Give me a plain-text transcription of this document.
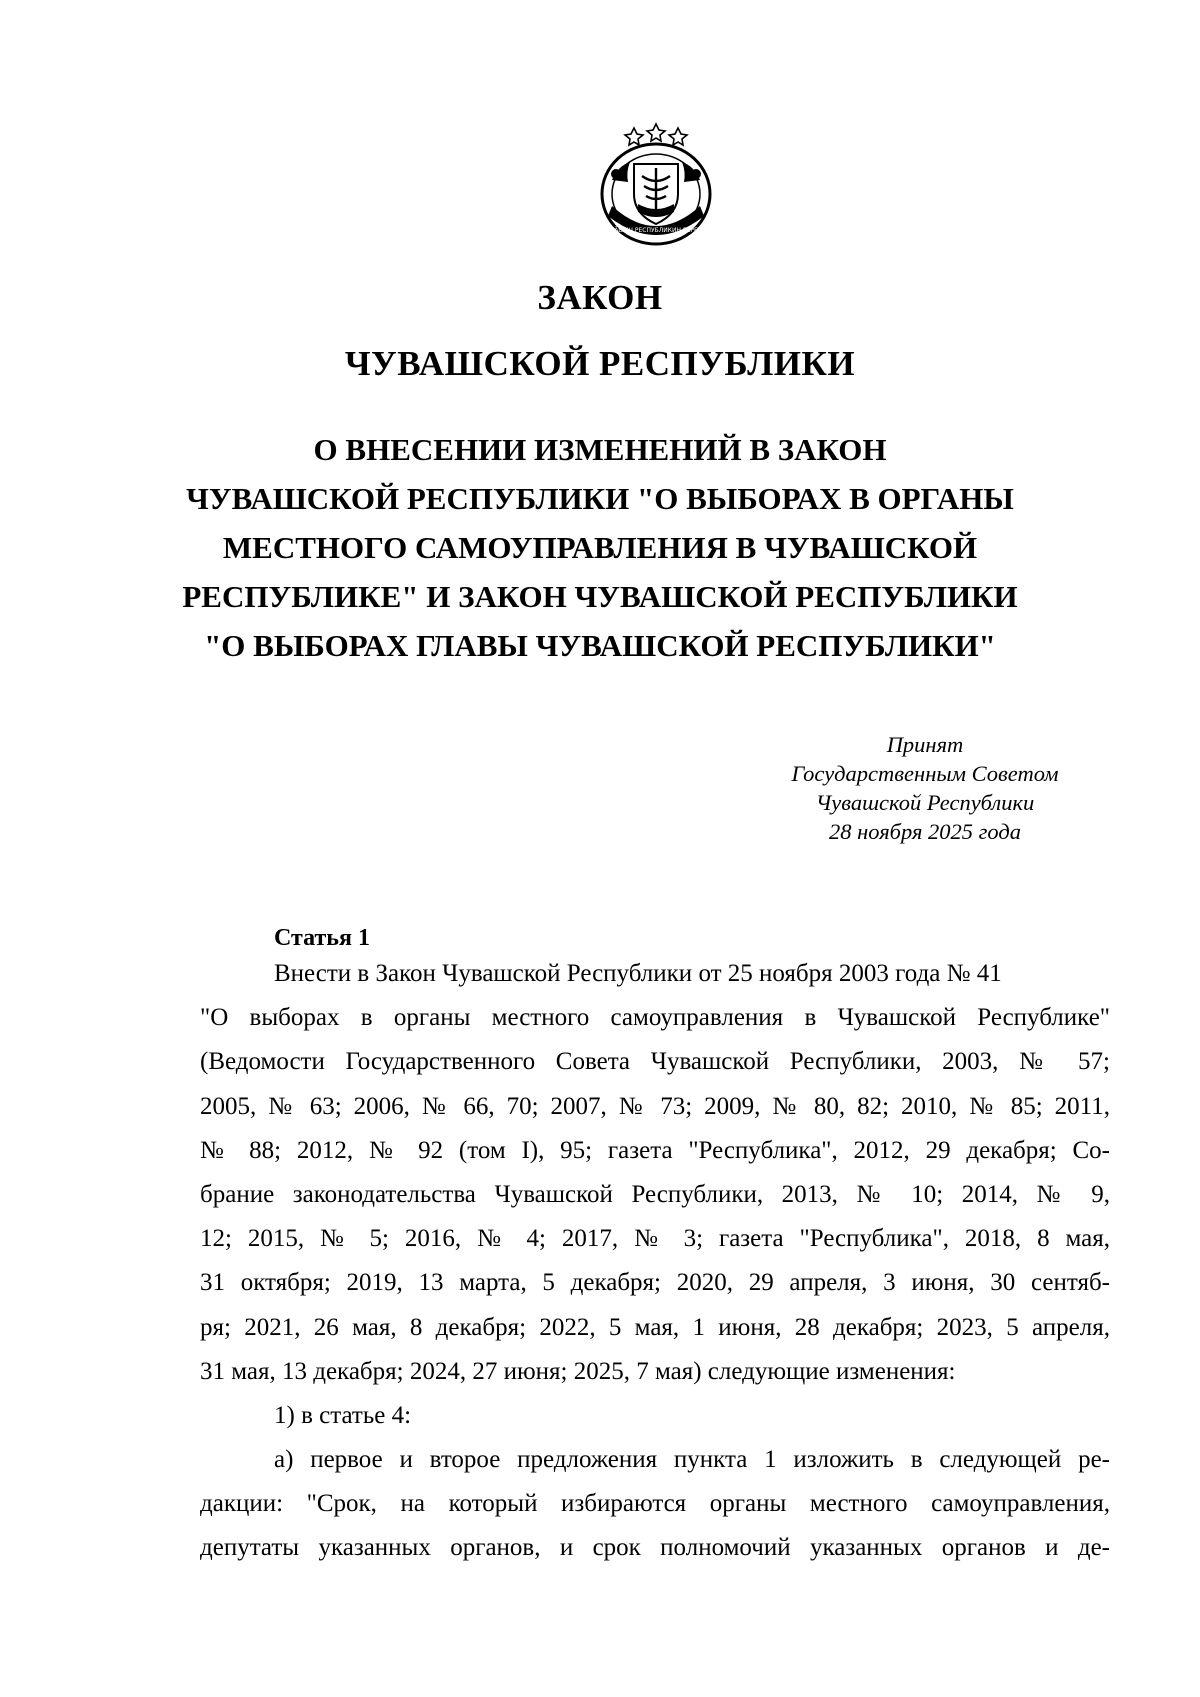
ЧĂВАШ РЕСПУБЛИКИН ГЕРБЕ
ЗАКОН
ЧУВАШСКОЙ РЕСПУБЛИКИ
О ВНЕСЕНИИ ИЗМЕНЕНИЙ В ЗАКОН
ЧУВАШСКОЙ РЕСПУБЛИКИ "О ВЫБОРАХ В ОРГАНЫ
МЕСТНОГО САМОУПРАВЛЕНИЯ В ЧУВАШСКОЙ
РЕСПУБЛИКЕ" И ЗАКОН ЧУВАШСКОЙ РЕСПУБЛИКИ
"О ВЫБОРАХ ГЛАВЫ ЧУВАШСКОЙ РЕСПУБЛИКИ"
Принят
Государственным Советом
Чувашской Республики
28 ноября 2025 года
Статья 1
Внести в Закон Чувашской Республики от 25 ноября 2003 года № 41
"О выборах в органы местного самоуправления в Чувашской Республике"
(Ведомости Государственного Совета Чувашской Республики, 2003, № 57;
2005, № 63; 2006, № 66, 70; 2007, № 73; 2009, № 80, 82; 2010, № 85; 2011,
№ 88; 2012, № 92 (том I), 95; газета "Республика", 2012, 29 декабря; Со-
брание законодательства Чувашской Республики, 2013, № 10; 2014, № 9,
12; 2015, № 5; 2016, № 4; 2017, № 3; газета "Республика", 2018, 8 мая,
31 октября; 2019, 13 марта, 5 декабря; 2020, 29 апреля, 3 июня, 30 сентяб-
ря; 2021, 26 мая, 8 декабря; 2022, 5 мая, 1 июня, 28 декабря; 2023, 5 апреля,
31 мая, 13 декабря; 2024, 27 июня; 2025, 7 мая) следующие изменения:
1) в статье 4:
а) первое и второе предложения пункта 1 изложить в следующей ре-
дакции: "Срок, на который избираются органы местного самоуправления,
депутаты указанных органов, и срок полномочий указанных органов и де-
